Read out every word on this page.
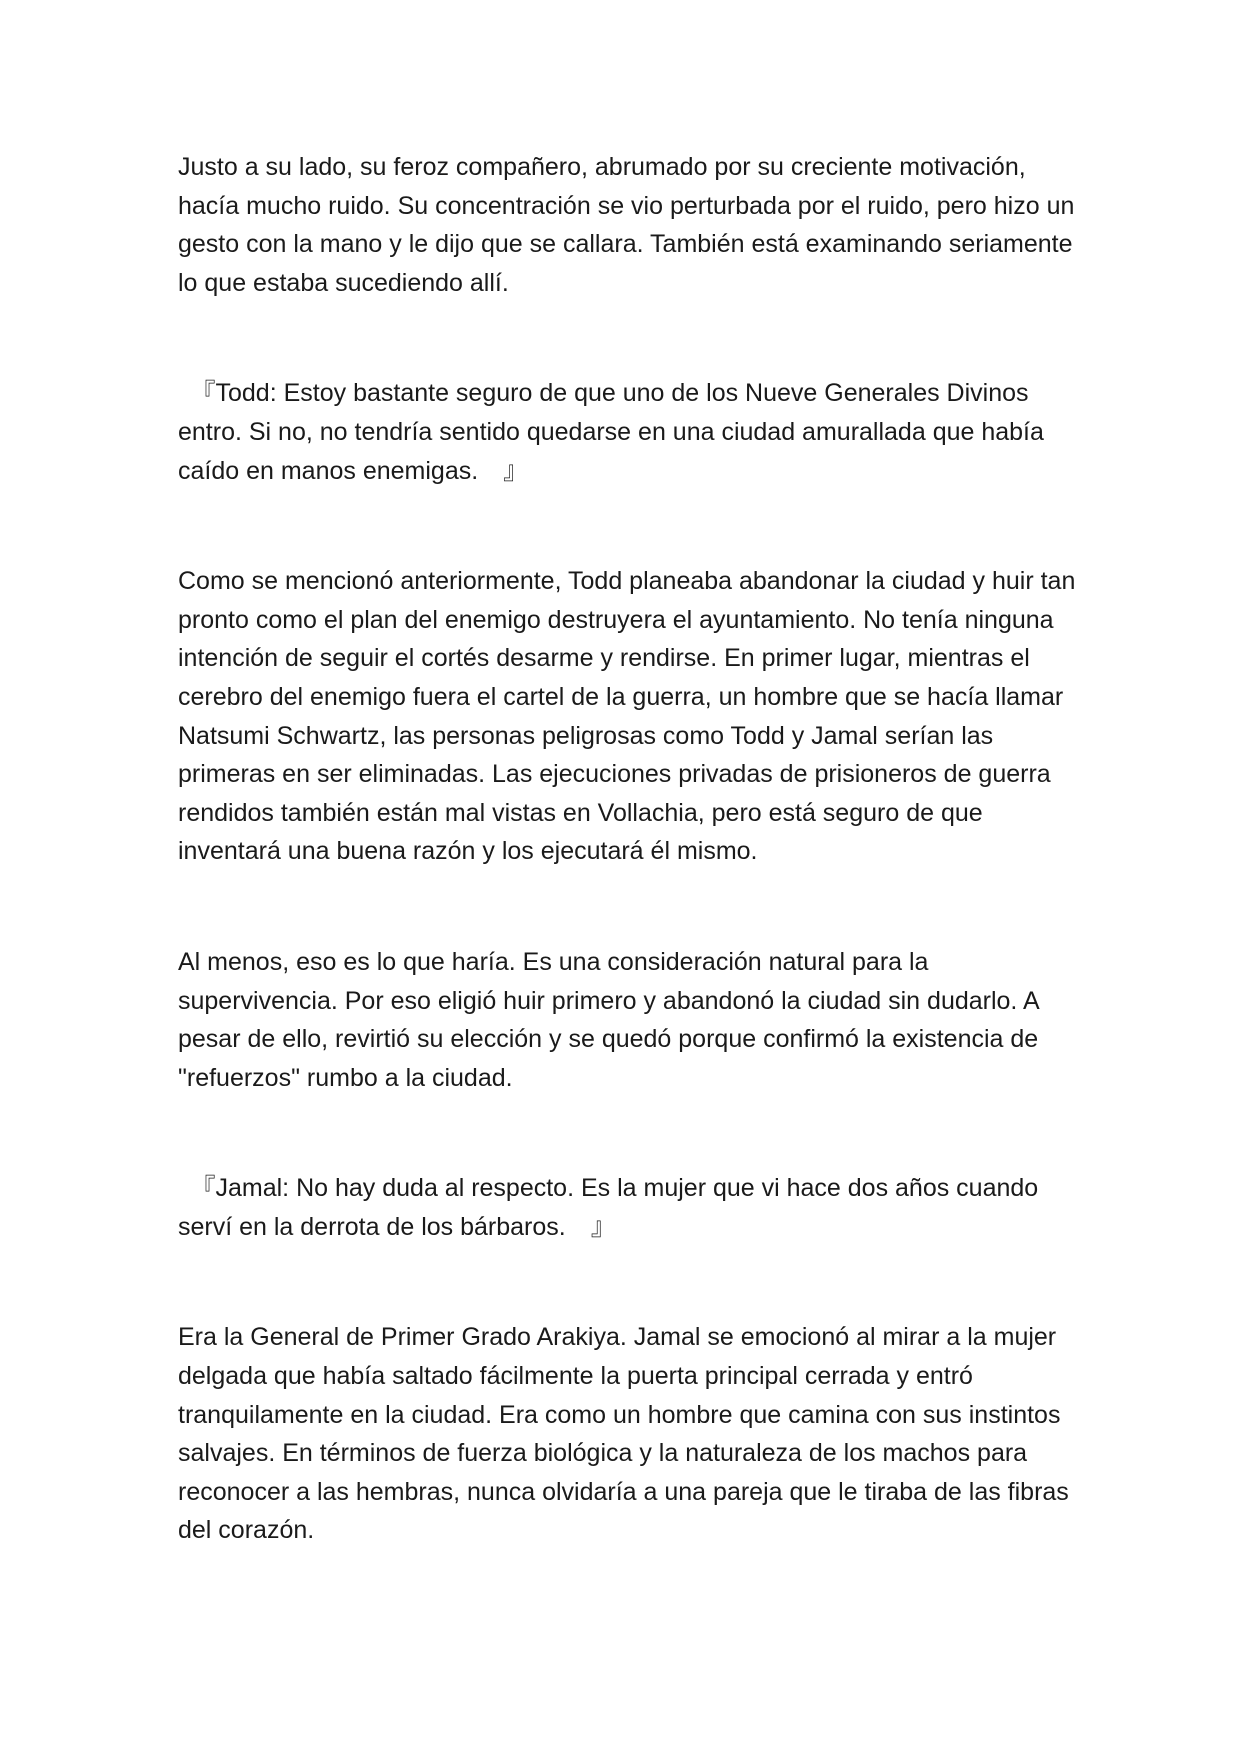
Justo a su lado, su feroz compañero, abrumado por su creciente motivación, hacía mucho ruido. Su concentración se vio perturbada por el ruido, pero hizo un gesto con la mano y le dijo que se callara. También está examinando seriamente lo que estaba sucediendo allí.

　『Todd: Estoy bastante seguro de que uno de los Nueve Generales Divinos entro. Si no, no tendría sentido quedarse en una ciudad amurallada que había caído en manos enemigas.　』

Como se mencionó anteriormente, Todd planeaba abandonar la ciudad y huir tan pronto como el plan del enemigo destruyera el ayuntamiento. No tenía ninguna intención de seguir el cortés desarme y rendirse. En primer lugar, mientras el cerebro del enemigo fuera el cartel de la guerra, un hombre que se hacía llamar Natsumi Schwartz, las personas peligrosas como Todd y Jamal serían las primeras en ser eliminadas. Las ejecuciones privadas de prisioneros de guerra rendidos también están mal vistas en Vollachia, pero está seguro de que inventará una buena razón y los ejecutará él mismo.

Al menos, eso es lo que haría. Es una consideración natural para la supervivencia. Por eso eligió huir primero y abandonó la ciudad sin dudarlo. A pesar de ello, revirtió su elección y se quedó porque confirmó la existencia de "refuerzos" rumbo a la ciudad.

　『Jamal: No hay duda al respecto. Es la mujer que vi hace dos años cuando serví en la derrota de los bárbaros.　』

Era la General de Primer Grado Arakiya. Jamal se emocionó al mirar a la mujer delgada que había saltado fácilmente la puerta principal cerrada y entró tranquilamente en la ciudad. Era como un hombre que camina con sus instintos salvajes. En términos de fuerza biológica y la naturaleza de los machos para reconocer a las hembras, nunca olvidaría a una pareja que le tiraba de las fibras del corazón.
